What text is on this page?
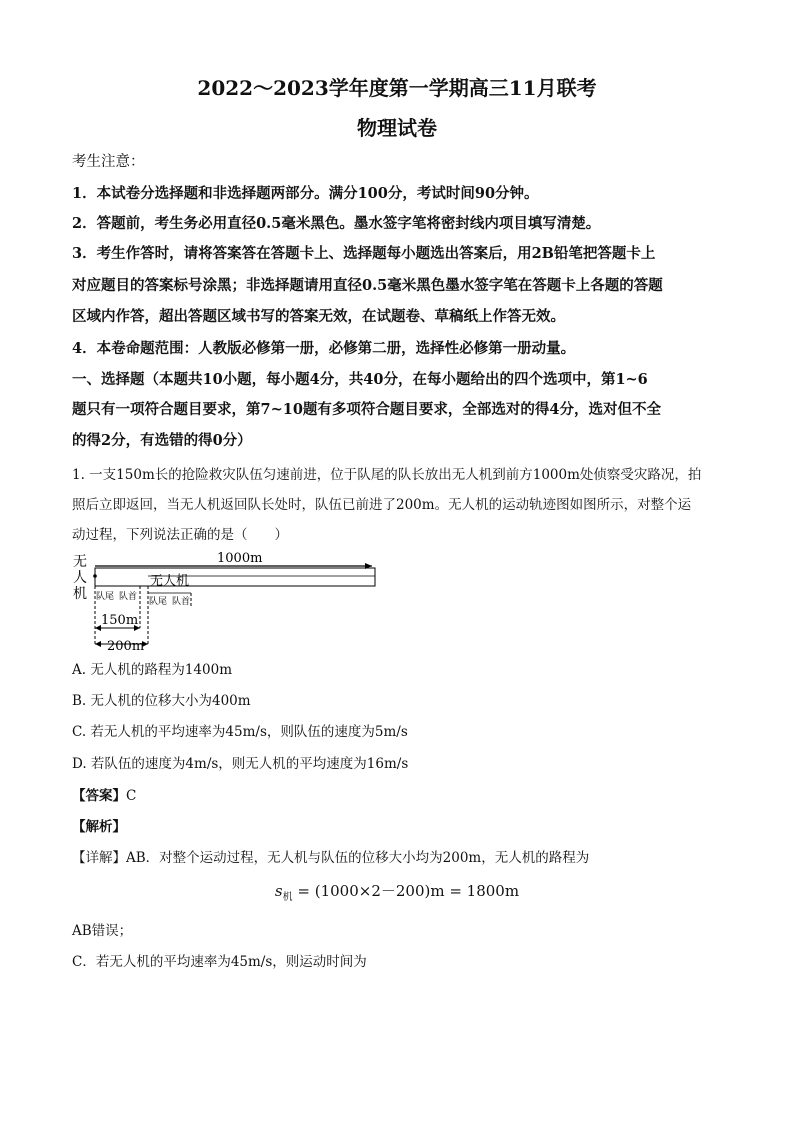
2022～2023学年度第一学期高三11月联考
物理试卷
考生注意：
1．本试卷分选择题和非选择题两部分。满分100分，考试时间90分钟。
2．答题前，考生务必用直径0.5毫米黑色。墨水签字笔将密封线内项目填写清楚。
3．考生作答时，请将答案答在答题卡上、选择题每小题选出答案后，用2B铅笔把答题卡上
对应题目的答案标号涂黑；非选择题请用直径0.5毫米黑色墨水签字笔在答题卡上各题的答题
区域内作答，超出答题区域书写的答案无效，在试题卷、草稿纸上作答无效。
4．本卷命题范围：人教版必修第一册，必修第二册，选择性必修第一册动量。
一、选择题（本题共10小题，每小题4分，共40分，在每小题给出的四个选项中，第1~6
题只有一项符合题目要求，第7~10题有多项符合题目要求，全部选对的得4分，选对但不全
的得2分，有选错的得0分）
1. 一支150m长的抢险救灾队伍匀速前进，位于队尾的队长放出无人机到前方1000m处侦察受灾路况，拍
照后立即返回，当无人机返回队长处时，队伍已前进了200m。无人机的运动轨迹图如图所示，对整个运
动过程，下列说法正确的是（　　）
无
人
机
1000m
无人机
队尾 队首 队尾 队首
150m
200m
A. 无人机的路程为1400m
B. 无人机的位移大小为400m
C. 若无人机的平均速率为45m/s，则队伍的速度为5m/s
D. 若队伍的速度为4m/s，则无人机的平均速度为16m/s
【答案】C
【解析】
【详解】AB．对整个运动过程，无人机与队伍的位移大小均为200m，无人机的路程为
$s_机 = (1000\times 2-200)m = 1800m$
AB错误；
C．若无人机的平均速率为45m/s，则运动时间为
